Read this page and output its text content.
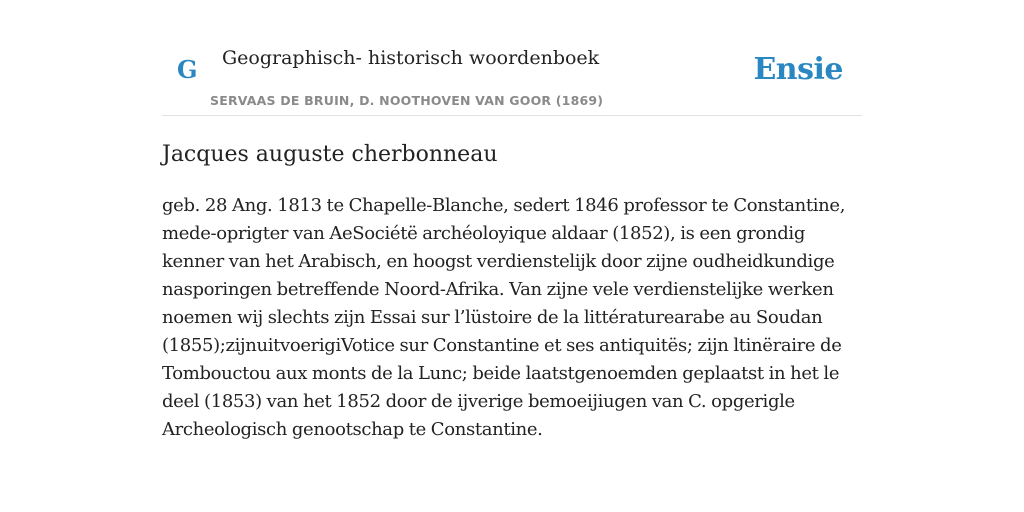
G Geographisch- historisch woordenboek
SERVAAS DE BRUIN, D. NOOTHOVEN VAN GOOR (1869)
Ensie
Jacques auguste cherbonneau

geb. 28 Ang. 1813 te Chapelle-Blanche, sedert 1846 professor te Constantine, mede-oprigter van AeSociétë archéoloyique aldaar (1852), is een grondig kenner van het Arabisch, en hoogst verdienstelijk door zijne oudheidkundige nasporingen betreffende Noord-Afrika. Van zijne vele verdienstelijke werken noemen wij slechts zijn Essai sur l’lüstoire de la littératurearabe au Soudan (1855);zijnuitvoerigiVotice sur Constantine et ses antiquitës; zijn ltinëraire de Tombouctou aux monts de la Lunc; beide laatstgenoemden geplaatst in het le deel (1853) van het 1852 door de ijverige bemoeijiugen van C. opgerigle Archeologisch genootschap te Constantine.
